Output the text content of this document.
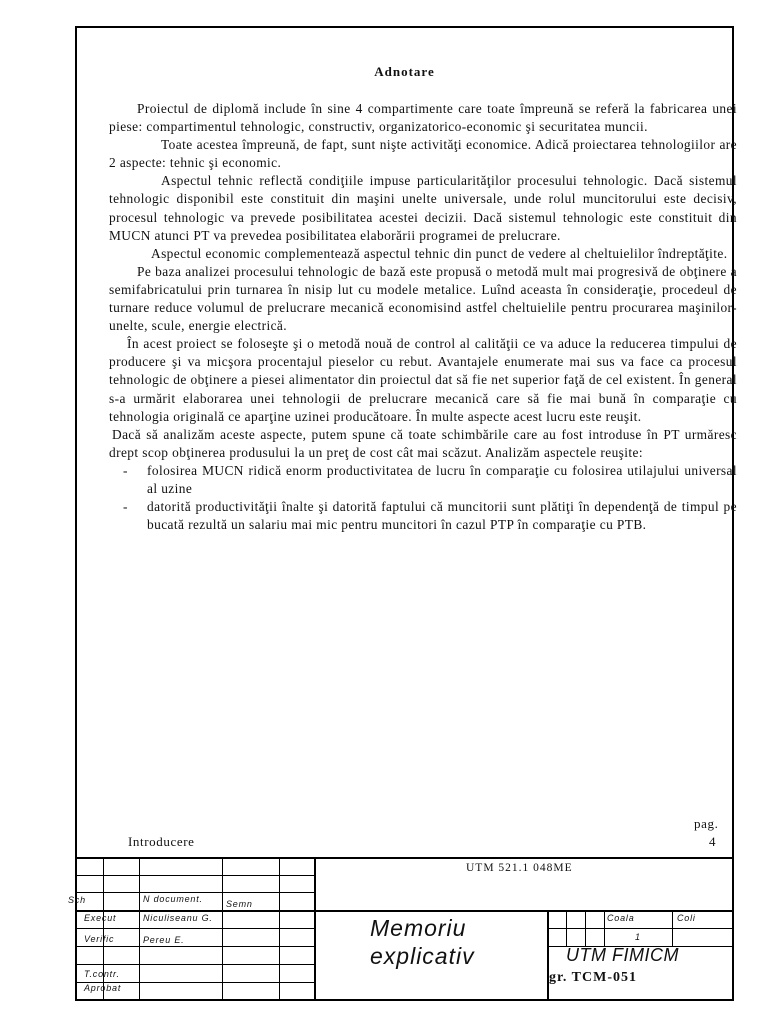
Adnotare

Proiectul de diplomă include în sine 4 compartimente care toate împreună se referă la fabricarea unei piese: compartimentul tehnologic, constructiv, organizatorico-economic şi securitatea muncii.

Toate acestea împreună, de fapt, sunt nişte activităţi economice. Adică proiectarea tehnologiilor are 2 aspecte: tehnic şi economic.

Aspectul tehnic reflectă condiţiile impuse particularităţilor procesului tehnologic. Dacă sistemul tehnologic disponibil este constituit din maşini unelte universale, unde rolul muncitorului este decisiv, procesul tehnologic va prevede posibilitatea acestei decizii. Dacă sistemul tehnologic este constituit din MUCN atunci PT va prevedea posibilitatea elaborării programei de prelucrare.

Aspectul economic complementează aspectul tehnic din punct de vedere al cheltuielilor îndreptăţite.

Pe baza analizei procesului tehnologic de bază este propusă o metodă mult mai progresivă de obţinere a semifabricatului prin turnarea în nisip lut cu modele metalice. Luînd aceasta în consideraţie, procedeul de turnare reduce volumul de prelucrare mecanică economisind astfel cheltuielile pentru procurarea maşinilor-unelte, scule, energie electrică.

În acest proiect se foloseşte şi o metodă nouă de control al calităţii ce va aduce la reducerea timpului de producere şi va micşora procentajul pieselor cu rebut. Avantajele enumerate mai sus va face ca procesul tehnologic de obţinere a piesei alimentator din proiectul dat să fie net superior faţă de cel existent. În general s-a urmărit elaborarea unei tehnologii de prelucrare mecanică care să fie mai bună în comparaţie cu tehnologia originală ce aparţine uzinei producătoare. În multe aspecte acest lucru este reuşit.

Dacă să analizăm aceste aspecte, putem spune că toate schimbările care au fost introduse în PT urmăresc drept scop obţinerea produsului la un preţ de cost cât mai scăzut. Analizăm aspectele reuşite:

- folosirea MUCN ridică enorm productivitatea de lucru în comparaţie cu folosirea utilajului universal al uzine
- datorită productivităţii înalte şi datorită faptului că muncitorii sunt plătiţi în dependenţă de timpul pe bucată rezultă un salariu mai mic pentru muncitori în cazul PTP în comparaţie cu PTB.
pag.
Introducere	4
UTM 521.1 048ME
Sch	N document.	Semn
Execut	Niculiseanu G.
Verific	Pereu E.
T.contr.
Aprobat
Memoriu
explicativ
Coala	Coli
1
UTM FIMICM
gr. TCM-051
